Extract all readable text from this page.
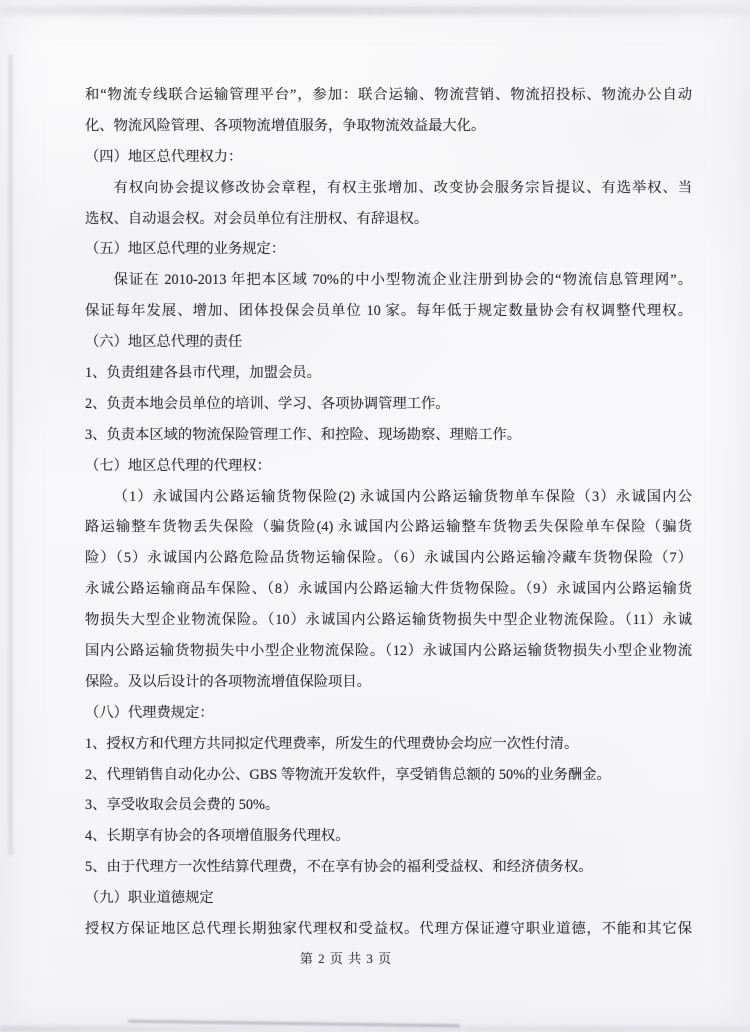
和“物流专线联合运输管理平台”，参加：联合运输、物流营销、物流招投标、物流办公自动
化、物流风险管理、各项物流增值服务，争取物流效益最大化。
（四）地区总代理权力：
有权向协会提议修改协会章程，有权主张增加、改变协会服务宗旨提议、有选举权、当
选权、自动退会权。对会员单位有注册权、有辞退权。
（五）地区总代理的业务规定：
保证在 2010-2013 年把本区域 70%的中小型物流企业注册到协会的“物流信息管理网”。
保证每年发展、增加、团体投保会员单位 10 家。每年低于规定数量协会有权调整代理权。
（六）地区总代理的责任
1、负责组建各县市代理，加盟会员。
2、负责本地会员单位的培训、学习、各项协调管理工作。
3、负责本区域的物流保险管理工作、和控险、现场勘察、理赔工作。
（七）地区总代理的代理权：
（1）永诚国内公路运输货物保险(2) 永诚国内公路运输货物单车保险（3）永诚国内公
路运输整车货物丢失保险（骗货险(4) 永诚国内公路运输整车货物丢失保险单车保险（骗货
险）（5）永诚国内公路危险品货物运输保险。（6）永诚国内公路运输冷藏车货物保险（7）
永诚公路运输商品车保险、（8）永诚国内公路运输大件货物保险。（9）永诚国内公路运输货
物损失大型企业物流保险。（10）永诚国内公路运输货物损失中型企业物流保险。（11）永诚
国内公路运输货物损失中小型企业物流保险。（12）永诚国内公路运输货物损失小型企业物流
保险。及以后设计的各项物流增值保险项目。
（八）代理费规定：
1、授权方和代理方共同拟定代理费率，所发生的代理费协会均应一次性付清。
2、代理销售自动化办公、GBS 等物流开发软件，享受销售总额的 50%的业务酬金。
3、享受收取会员会费的 50%。
4、长期享有协会的各项增值服务代理权。
5、由于代理方一次性结算代理费，不在享有协会的福利受益权、和经济债务权。
（九）职业道德规定
授权方保证地区总代理长期独家代理权和受益权。代理方保证遵守职业道德，不能和其它保
第 2 页 共 3 页
